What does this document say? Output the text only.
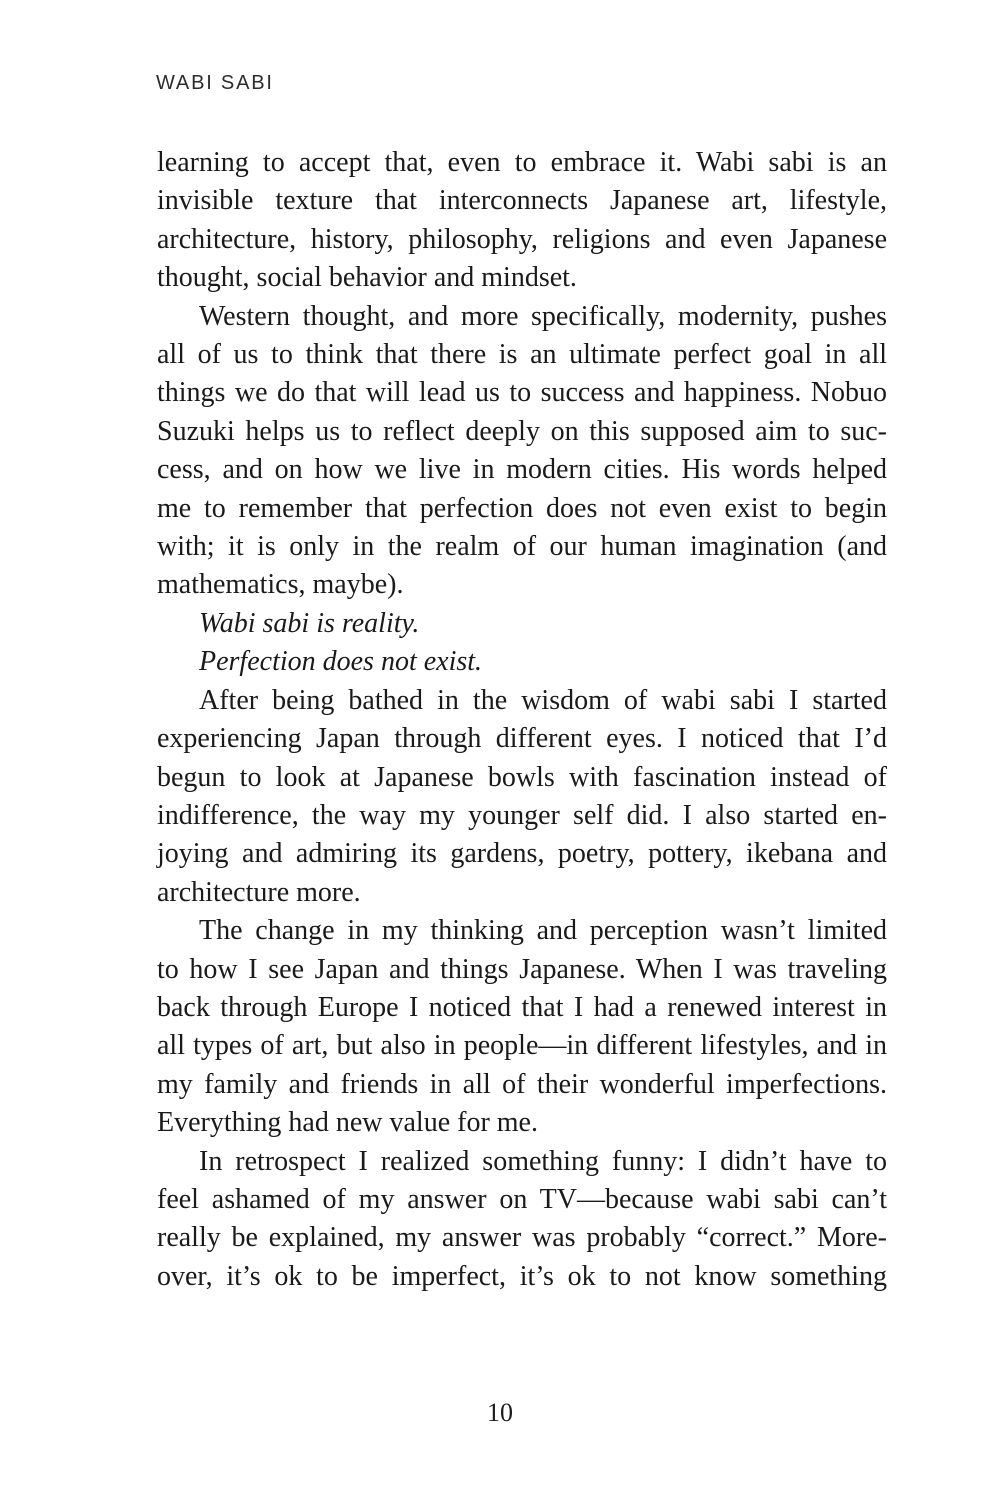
WABI SABI
learning to accept that, even to embrace it. Wabi sabi is an
invisible texture that interconnects Japanese art, lifestyle,
architecture, history, philosophy, religions and even Japanese
thought, social behavior and mindset.
Western thought, and more specifically, modernity, pushes
all of us to think that there is an ultimate perfect goal in all
things we do that will lead us to success and happiness. Nobuo
Suzuki helps us to reflect deeply on this supposed aim to suc-
cess, and on how we live in modern cities. His words helped
me to remember that perfection does not even exist to begin
with; it is only in the realm of our human imagination (and
mathematics, maybe).
Wabi sabi is reality.
Perfection does not exist.
After being bathed in the wisdom of wabi sabi I started
experiencing Japan through different eyes. I noticed that I’d
begun to look at Japanese bowls with fascination instead of
indifference, the way my younger self did. I also started en-
joying and admiring its gardens, poetry, pottery, ikebana and
architecture more.
The change in my thinking and perception wasn’t limited
to how I see Japan and things Japanese. When I was traveling
back through Europe I noticed that I had a renewed interest in
all types of art, but also in people—in different lifestyles, and in
my family and friends in all of their wonderful imperfections.
Everything had new value for me.
In retrospect I realized something funny: I didn’t have to
feel ashamed of my answer on TV—because wabi sabi can’t
really be explained, my answer was probably “correct.” More-
over, it’s ok to be imperfect, it’s ok to not know something
10
